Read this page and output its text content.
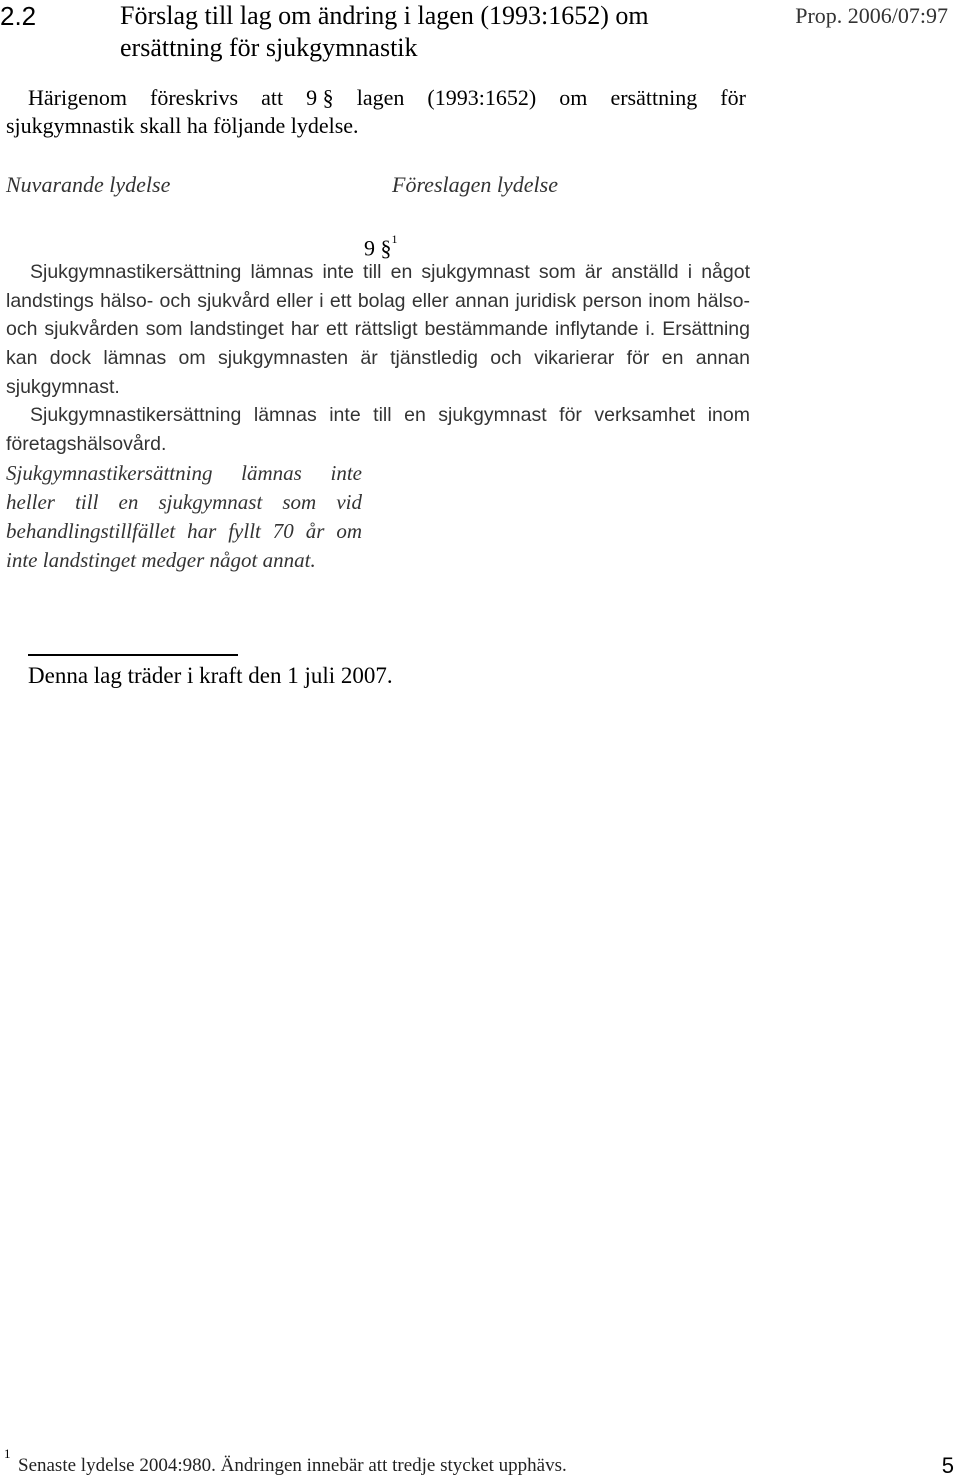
2.2	Förslag till lag om ändring i lagen (1993:1652) om
ersättning för sjukgymnastik
Prop. 2006/07:97
Härigenom föreskrivs att 9 § lagen (1993:1652) om ersättning för
sjukgymnastik skall ha följande lydelse.
Nuvarande lydelse	Föreslagen lydelse
9 §$^1$
Sjukgymnastikersättning lämnas inte till en sjukgymnast som är anställd i något landstings hälso- och sjukvård eller i ett bolag eller annan juridisk person inom hälso- och sjukvården som landstinget har ett rättsligt bestämmande inflytande i. Ersättning kan dock lämnas om sjukgymnasten är tjänstledig och vikarierar för en annan sjukgymnast.
Sjukgymnastikersättning lämnas inte till en sjukgymnast för verksamhet inom företagshälsovård.
Sjukgymnastikersättning lämnas inte heller till en sjukgymnast som vid behandlingstillfället har fyllt 70 år om inte landstinget medger något annat.
Denna lag träder i kraft den 1 juli 2007.
1
Senaste lydelse 2004:980. Ändringen innebär att tredje stycket upphävs.	5
